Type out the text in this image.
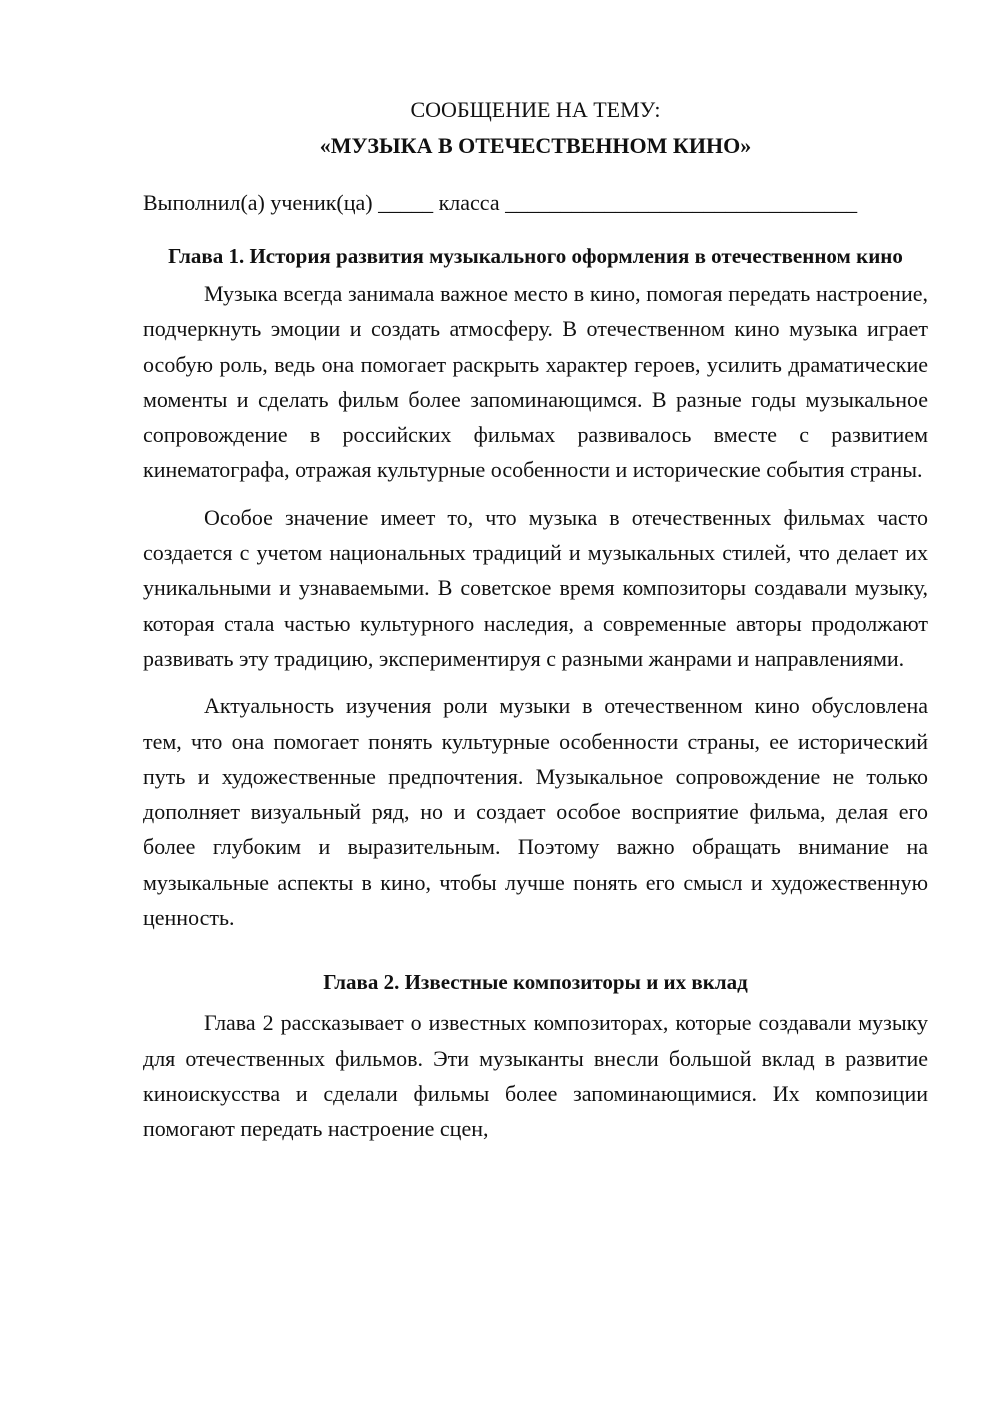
СООБЩЕНИЕ НА ТЕМУ:

«МУЗЫКА В ОТЕЧЕСТВЕННОМ КИНО»

Выполнил(а) ученик(ца) _____ класса ________________________________

Глава 1. История развития музыкального оформления в отечественном кино

Музыка всегда занимала важное место в кино, помогая передать настроение, подчеркнуть эмоции и создать атмосферу. В отечественном кино музыка играет особую роль, ведь она помогает раскрыть характер героев, усилить драматические моменты и сделать фильм более запоминающимся. В разные годы музыкальное сопровождение в российских фильмах развивалось вместе с развитием кинематографа, отражая культурные особенности и исторические события страны.

Особое значение имеет то, что музыка в отечественных фильмах часто создается с учетом национальных традиций и музыкальных стилей, что делает их уникальными и узнаваемыми. В советское время композиторы создавали музыку, которая стала частью культурного наследия, а современные авторы продолжают развивать эту традицию, экспериментируя с разными жанрами и направлениями.

Актуальность изучения роли музыки в отечественном кино обусловлена тем, что она помогает понять культурные особенности страны, ее исторический путь и художественные предпочтения. Музыкальное сопровождение не только дополняет визуальный ряд, но и создает особое восприятие фильма, делая его более глубоким и выразительным. Поэтому важно обращать внимание на музыкальные аспекты в кино, чтобы лучше понять его смысл и художественную ценность.

Глава 2. Известные композиторы и их вклад

Глава 2 рассказывает о известных композиторах, которые создавали музыку для отечественных фильмов. Эти музыканты внесли большой вклад в развитие киноискусства и сделали фильмы более запоминающимися. Их композиции помогают передать настроение сцен,
